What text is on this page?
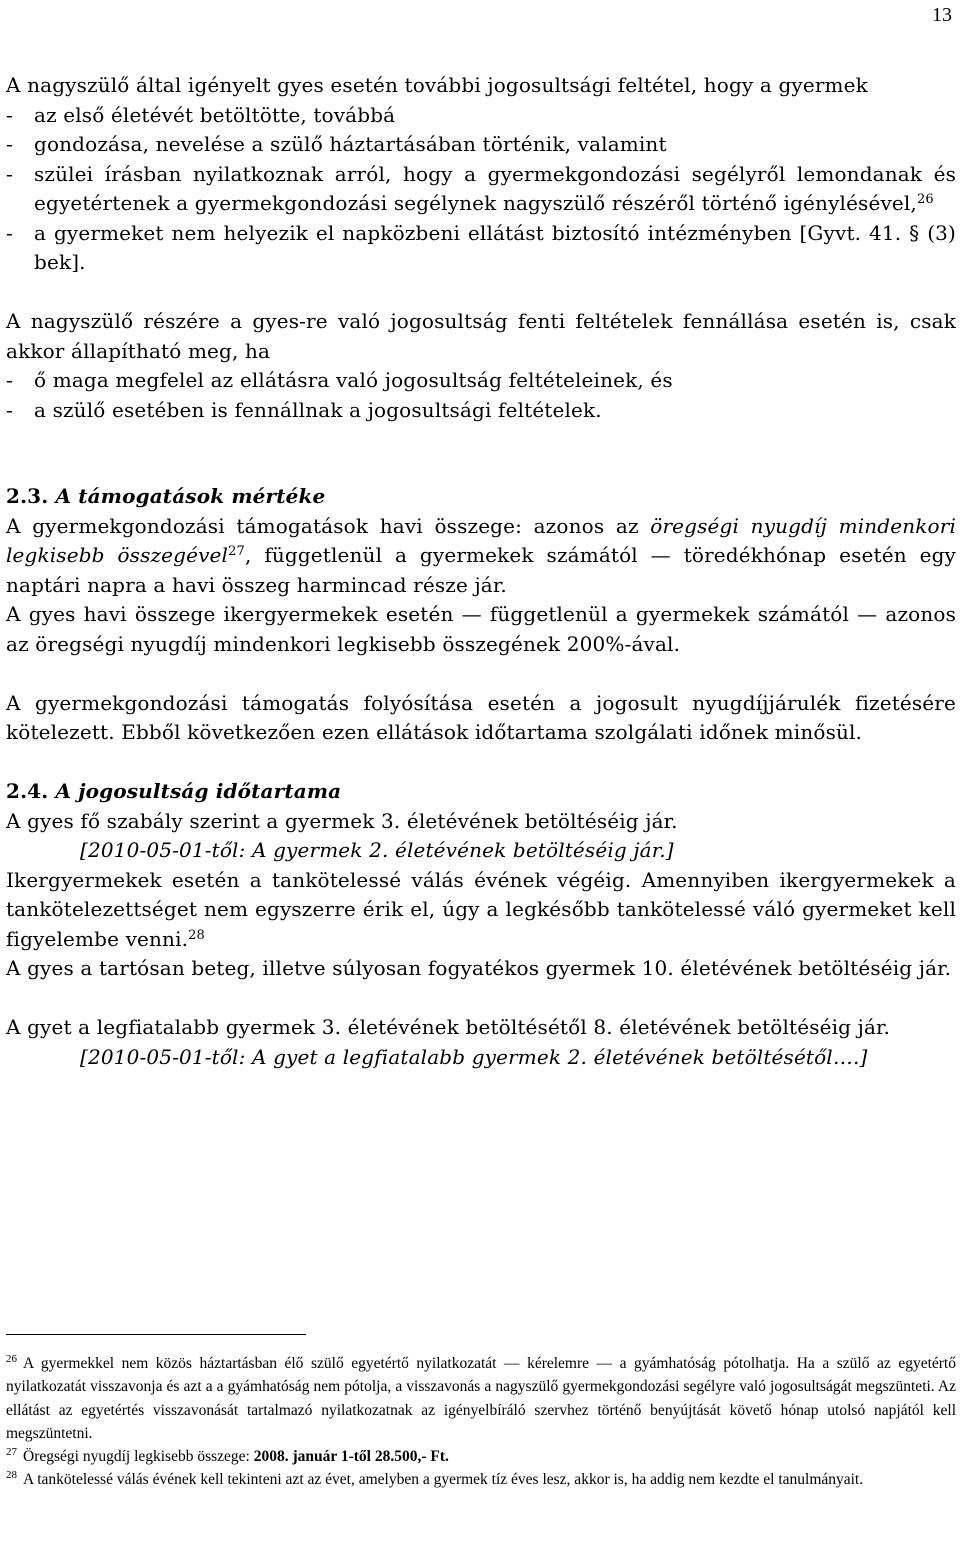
13

A nagyszülő által igényelt gyes esetén további jogosultsági feltétel, hogy a gyermek

-	az első életévét betöltötte, továbbá
-	gondozása, nevelése a szülő háztartásában történik, valamint
-	szülei írásban nyilatkoznak arról, hogy a gyermekgondozási segélyről lemondanak és egyetértenek a gyermekgondozási segélynek nagyszülő részéről történő igénylésével,$^{26}$
-	a gyermeket nem helyezik el napközbeni ellátást biztosító intézményben [Gyvt. 41. § (3) bek].

A nagyszülő részére a gyes-re való jogosultság fenti feltételek fennállása esetén is, csak akkor állapítható meg, ha

-	ő maga megfelel az ellátásra való jogosultság feltételeinek, és
-	a szülő esetében is fennállnak a jogosultsági feltételek.
2.3. A támogatások mértéke

A gyermekgondozási támogatások havi összege: azonos az öregségi nyugdíj mindenkori legkisebb összegével$^{27}$, függetlenül a gyermekek számától — töredékhónap esetén egy naptári napra a havi összeg harmincad része jár.

A gyes havi összege ikergyermekek esetén — függetlenül a gyermekek számától — azonos az öregségi nyugdíj mindenkori legkisebb összegének 200%-ával.

A gyermekgondozási támogatás folyósítása esetén a jogosult nyugdíjjárulék fizetésére kötelezett. Ebből következően ezen ellátások időtartama szolgálati időnek minősül.

2.4. A jogosultság időtartama

A gyes fő szabály szerint a gyermek 3. életévének betöltéséig jár.

[2010-05-01-től: A gyermek 2. életévének betöltéséig jár.]

Ikergyermekek esetén a tankötelessé válás évének végéig. Amennyiben ikergyermekek a tankötelezettséget nem egyszerre érik el, úgy a legkésőbb tankötelessé váló gyermeket kell figyelembe venni.$^{28}$

A gyes a tartósan beteg, illetve súlyosan fogyatékos gyermek 10. életévének betöltéséig jár.

A gyet a legfiatalabb gyermek 3. életévének betöltésétől 8. életévének betöltéséig jár.

[2010-05-01-től: A gyet a legfiatalabb gyermek 2. életévének betöltésétől….]

$^{26}$ A gyermekkel nem közös háztartásban élő szülő egyetértő nyilatkozatát — kérelemre — a gyámhatóság pótolhatja. Ha a szülő az egyetértő nyilatkozatát visszavonja és azt a a gyámhatóság nem pótolja, a visszavonás a nagyszülő gyermekgondozási segélyre való jogosultságát megszünteti. Az ellátást az egyetértés visszavonását tartalmazó nyilatkozatnak az igényelbíráló szervhez történő benyújtását követő hónap utolsó napjától kell megszüntetni.

$^{27}$ Öregségi nyugdíj legkisebb összege: 2008. január 1-től 28.500,- Ft.

$^{28}$ A tankötelessé válás évének kell tekinteni azt az évet, amelyben a gyermek tíz éves lesz, akkor is, ha addig nem kezdte el tanulmányait.
